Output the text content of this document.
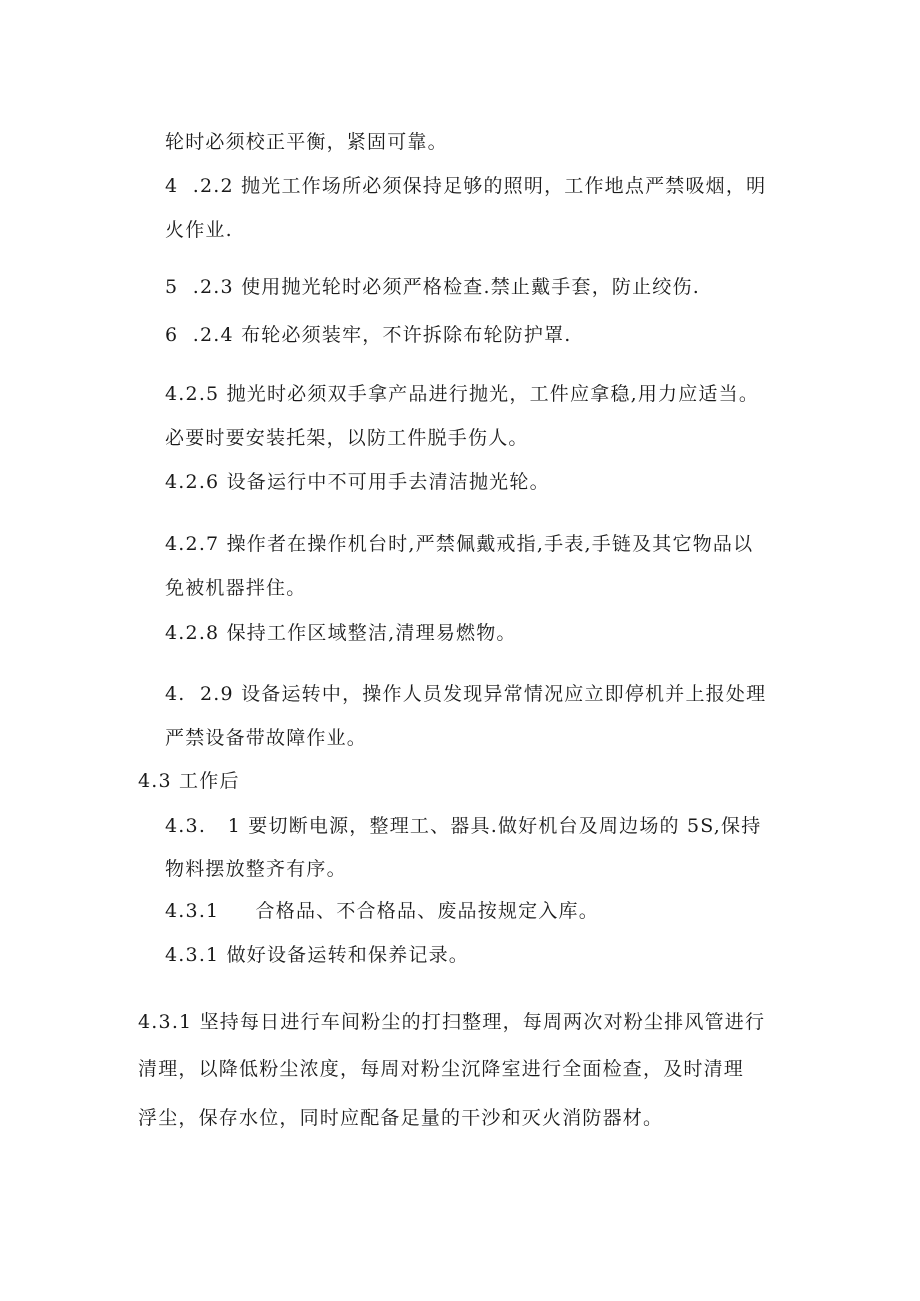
轮时必须校正平衡，紧固可靠。
4  .2.2 抛光工作场所必须保持足够的照明，工作地点严禁吸烟，明
火作业.
5  .2.3 使用抛光轮时必须严格检查.禁止戴手套，防止绞伤.
6  .2.4 布轮必须装牢，不许拆除布轮防护罩.
4.2.5 抛光时必须双手拿产品进行抛光，工件应拿稳,用力应适当。
必要时要安装托架，以防工件脱手伤人。
4.2.6 设备运行中不可用手去清洁抛光轮。
4.2.7 操作者在操作机台时,严禁佩戴戒指,手表,手链及其它物品以
免被机器拌住。
4.2.8 保持工作区域整洁,清理易燃物。
4.  2.9 设备运转中，操作人员发现异常情况应立即停机并上报处理
严禁设备带故障作业。
4.3 工作后
4.3.   1 要切断电源，整理工、器具.做好机台及周边场的 5S,保持
物料摆放整齐有序。
4.3.1     合格品、不合格品、废品按规定入库。
4.3.1 做好设备运转和保养记录。
4.3.1 坚持每日进行车间粉尘的打扫整理，每周两次对粉尘排风管进行
清理，以降低粉尘浓度，每周对粉尘沉降室进行全面检查，及时清理
浮尘，保存水位，同时应配备足量的干沙和灭火消防器材。
